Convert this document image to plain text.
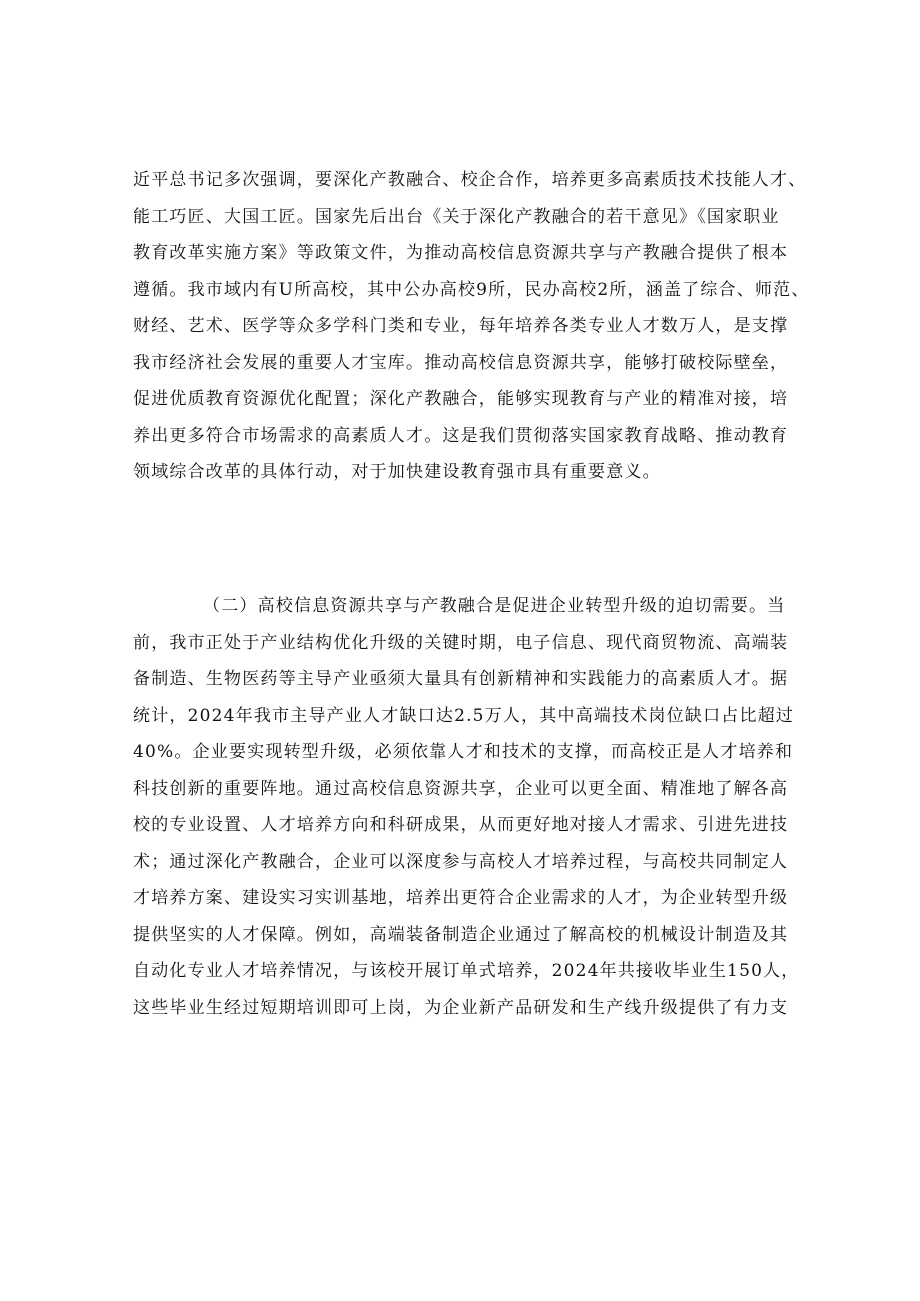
近平总书记多次强调，要深化产教融合、校企合作，培养更多高素质技术技能人才、
能工巧匠、大国工匠。国家先后出台《关于深化产教融合的若干意见》《国家职业
教育改革实施方案》等政策文件，为推动高校信息资源共享与产教融合提供了根本
遵循。我市域内有U所高校，其中公办高校9所，民办高校2所，涵盖了综合、师范、
财经、艺术、医学等众多学科门类和专业，每年培养各类专业人才数万人，是支撑
我市经济社会发展的重要人才宝库。推动高校信息资源共享，能够打破校际壁垒，
促进优质教育资源优化配置；深化产教融合，能够实现教育与产业的精准对接，培
养出更多符合市场需求的高素质人才。这是我们贯彻落实国家教育战略、推动教育
领域综合改革的具体行动，对于加快建设教育强市具有重要意义。

（二）高校信息资源共享与产教融合是促进企业转型升级的迫切需要。当
前，我市正处于产业结构优化升级的关键时期，电子信息、现代商贸物流、高端装
备制造、生物医药等主导产业亟须大量具有创新精神和实践能力的高素质人才。据
统计，2024年我市主导产业人才缺口达2.5万人，其中高端技术岗位缺口占比超过
40%。企业要实现转型升级，必须依靠人才和技术的支撑，而高校正是人才培养和
科技创新的重要阵地。通过高校信息资源共享，企业可以更全面、精准地了解各高
校的专业设置、人才培养方向和科研成果，从而更好地对接人才需求、引进先进技
术；通过深化产教融合，企业可以深度参与高校人才培养过程，与高校共同制定人
才培养方案、建设实习实训基地，培养出更符合企业需求的人才，为企业转型升级
提供坚实的人才保障。例如，高端装备制造企业通过了解高校的机械设计制造及其
自动化专业人才培养情况，与该校开展订单式培养，2024年共接收毕业生150人，
这些毕业生经过短期培训即可上岗，为企业新产品研发和生产线升级提供了有力支
